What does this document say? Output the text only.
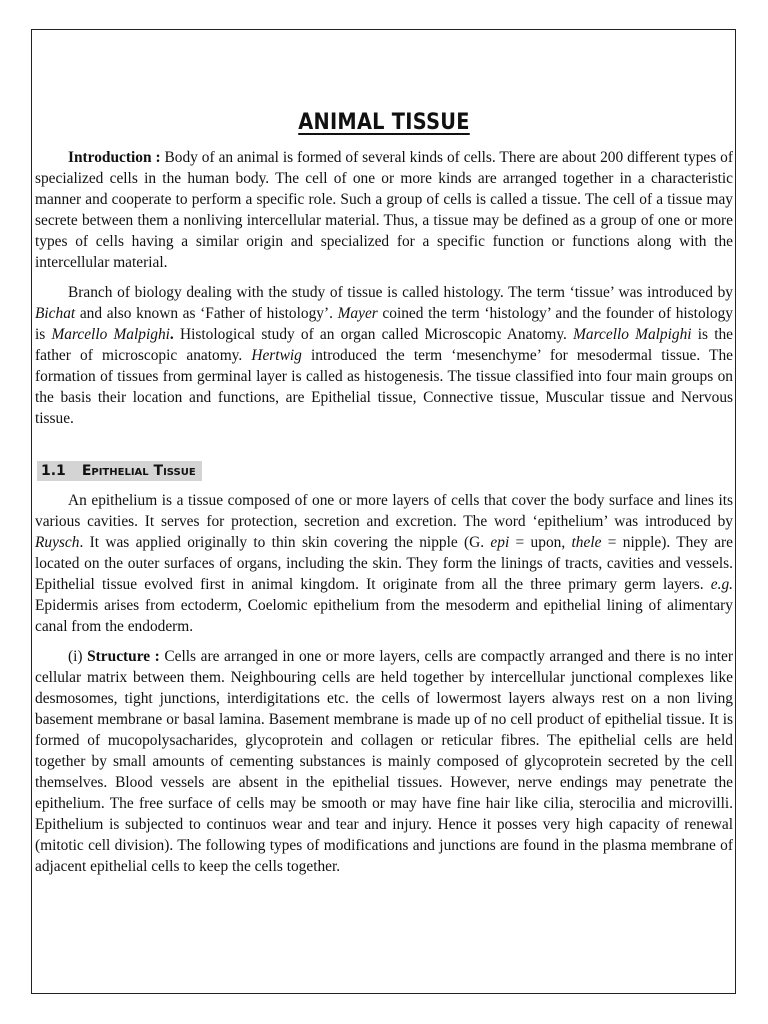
ANIMAL TISSUE

Introduction : Body of an animal is formed of several kinds of cells. There are about 200 different types of specialized cells in the human body. The cell of one or more kinds are arranged together in a characteristic manner and cooperate to perform a specific role. Such a group of cells is called a tissue. The cell of a tissue may secrete between them a nonliving intercellular material. Thus, a tissue may be defined as a group of one or more types of cells having a similar origin and specialized for a specific function or functions along with the intercellular material.

Branch of biology dealing with the study of tissue is called histology. The term ‘tissue’ was introduced by Bichat and also known as ‘Father of histology’. Mayer coined the term ‘histology’ and the founder of histology is Marcello Malpighi. Histological study of an organ called Microscopic Anatomy. Marcello Malpighi is the father of microscopic anatomy. Hertwig introduced the term ‘mesenchyme’ for mesodermal tissue. The formation of tissues from germinal layer is called as histogenesis. The tissue classified into four main groups on the basis their location and functions, are Epithelial tissue, Connective tissue, Muscular tissue and Nervous tissue.

1.1 Epithelial Tissue

An epithelium is a tissue composed of one or more layers of cells that cover the body surface and lines its various cavities. It serves for protection, secretion and excretion. The word ‘epithelium’ was introduced by Ruysch. It was applied originally to thin skin covering the nipple (G. epi = upon, thele = nipple). They are located on the outer surfaces of organs, including the skin. They form the linings of tracts, cavities and vessels. Epithelial tissue evolved first in animal kingdom. It originate from all the three primary germ layers. e.g. Epidermis arises from ectoderm, Coelomic epithelium from the mesoderm and epithelial lining of alimentary canal from the endoderm.

(i) Structure : Cells are arranged in one or more layers, cells are compactly arranged and there is no inter cellular matrix between them. Neighbouring cells are held together by intercellular junctional complexes like desmosomes, tight junctions, interdigitations etc. the cells of lowermost layers always rest on a non living basement membrane or basal lamina. Basement membrane is made up of no cell product of epithelial tissue. It is formed of mucopolysacharides, glycoprotein and collagen or reticular fibres. The epithelial cells are held together by small amounts of cementing substances is mainly composed of glycoprotein secreted by the cell themselves. Blood vessels are absent in the epithelial tissues. However, nerve endings may penetrate the epithelium. The free surface of cells may be smooth or may have fine hair like cilia, sterocilia and microvilli. Epithelium is subjected to continuos wear and tear and injury. Hence it posses very high capacity of renewal (mitotic cell division). The following types of modifications and junctions are found in the plasma membrane of adjacent epithelial cells to keep the cells together.
